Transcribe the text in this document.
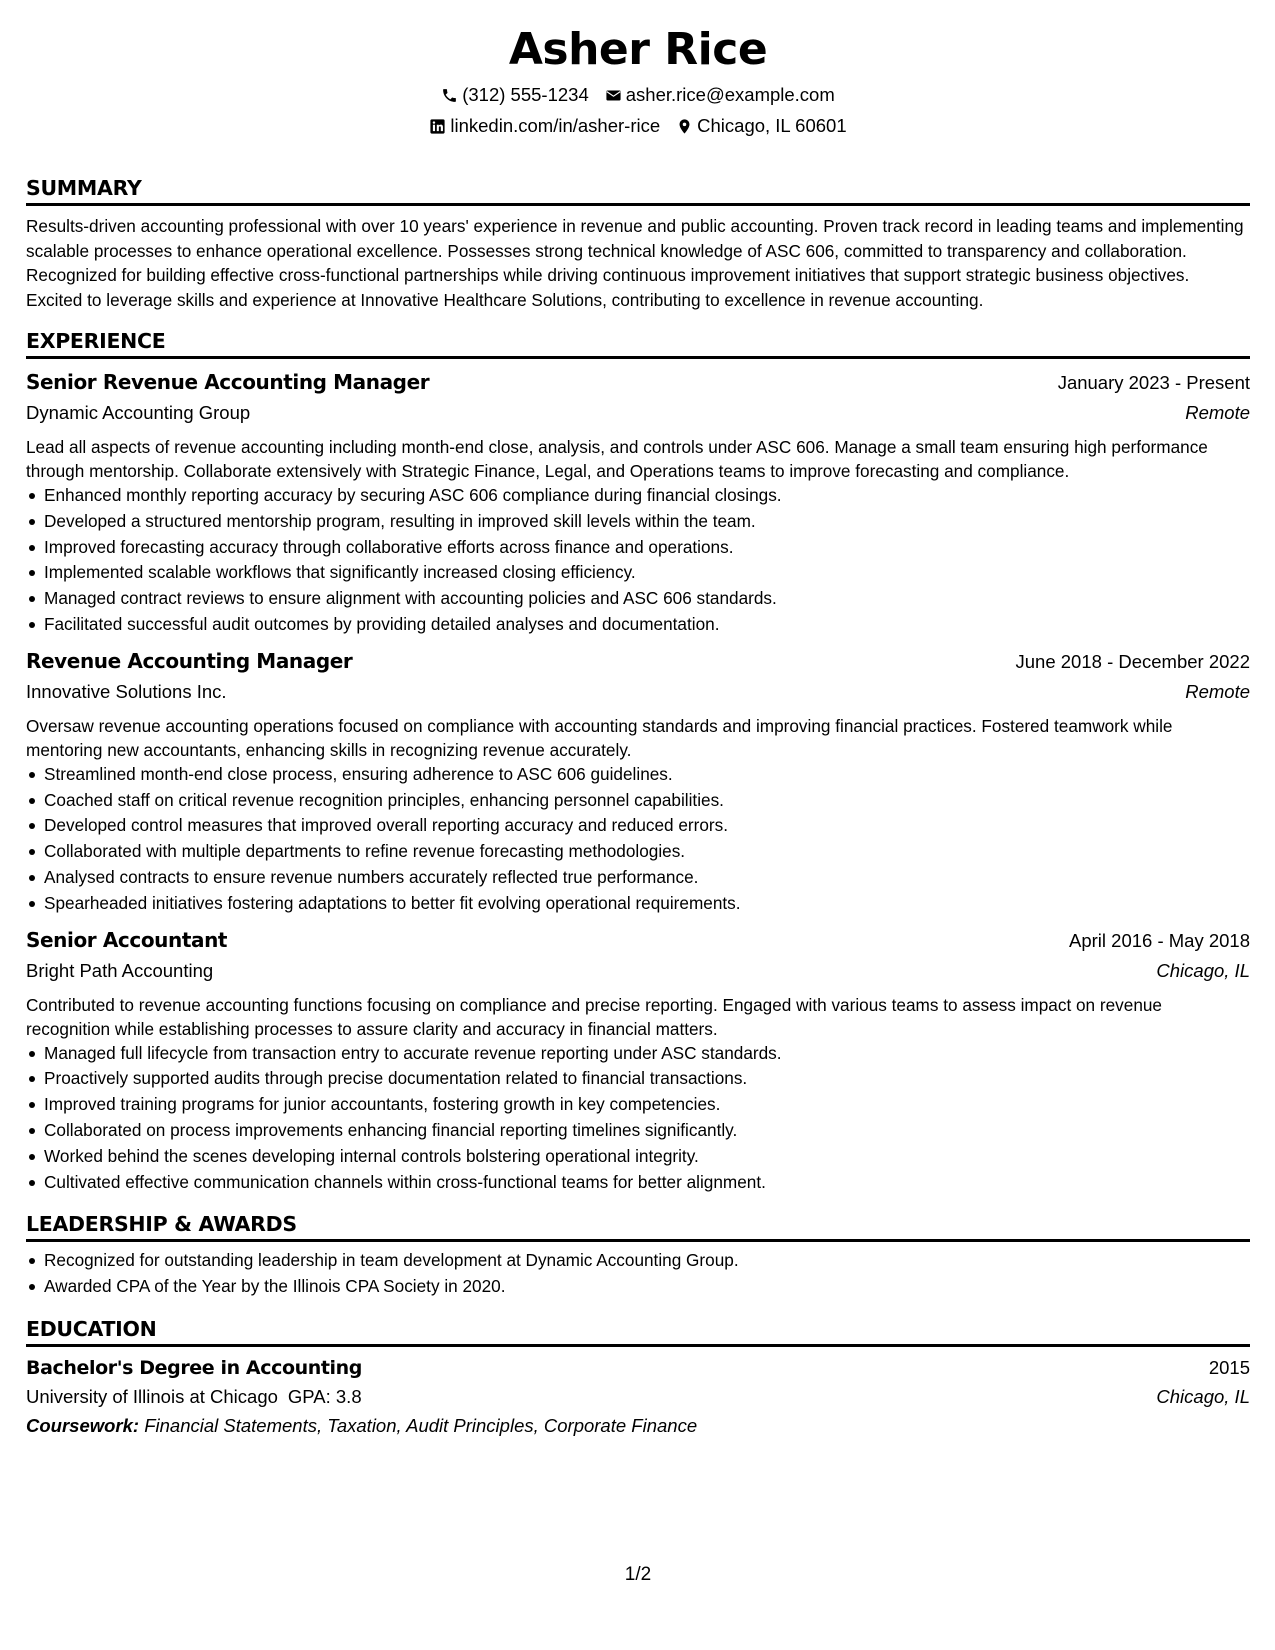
Asher Rice
(312) 555-1234 asher.rice@example.com
linkedin.com/in/asher-rice Chicago, IL 60601
SUMMARY
Results-driven accounting professional with over 10 years' experience in revenue and public accounting. Proven track record in leading teams and implementing scalable processes to enhance operational excellence. Possesses strong technical knowledge of ASC 606, committed to transparency and collaboration. Recognized for building effective cross-functional partnerships while driving continuous improvement initiatives that support strategic business objectives. Excited to leverage skills and experience at Innovative Healthcare Solutions, contributing to excellence in revenue accounting.
EXPERIENCE
Senior Revenue Accounting Manager	January 2023 - Present
Dynamic Accounting Group	Remote
Lead all aspects of revenue accounting including month-end close, analysis, and controls under ASC 606. Manage a small team ensuring high performance through mentorship. Collaborate extensively with Strategic Finance, Legal, and Operations teams to improve forecasting and compliance.
Enhanced monthly reporting accuracy by securing ASC 606 compliance during financial closings.
Developed a structured mentorship program, resulting in improved skill levels within the team.
Improved forecasting accuracy through collaborative efforts across finance and operations.
Implemented scalable workflows that significantly increased closing efficiency.
Managed contract reviews to ensure alignment with accounting policies and ASC 606 standards.
Facilitated successful audit outcomes by providing detailed analyses and documentation.
Revenue Accounting Manager	June 2018 - December 2022
Innovative Solutions Inc.	Remote
Oversaw revenue accounting operations focused on compliance with accounting standards and improving financial practices. Fostered teamwork while mentoring new accountants, enhancing skills in recognizing revenue accurately.
Streamlined month-end close process, ensuring adherence to ASC 606 guidelines.
Coached staff on critical revenue recognition principles, enhancing personnel capabilities.
Developed control measures that improved overall reporting accuracy and reduced errors.
Collaborated with multiple departments to refine revenue forecasting methodologies.
Analysed contracts to ensure revenue numbers accurately reflected true performance.
Spearheaded initiatives fostering adaptations to better fit evolving operational requirements.
Senior Accountant	April 2016 - May 2018
Bright Path Accounting	Chicago, IL
Contributed to revenue accounting functions focusing on compliance and precise reporting. Engaged with various teams to assess impact on revenue recognition while establishing processes to assure clarity and accuracy in financial matters.
Managed full lifecycle from transaction entry to accurate revenue reporting under ASC standards.
Proactively supported audits through precise documentation related to financial transactions.
Improved training programs for junior accountants, fostering growth in key competencies.
Collaborated on process improvements enhancing financial reporting timelines significantly.
Worked behind the scenes developing internal controls bolstering operational integrity.
Cultivated effective communication channels within cross-functional teams for better alignment.
LEADERSHIP & AWARDS
Recognized for outstanding leadership in team development at Dynamic Accounting Group.
Awarded CPA of the Year by the Illinois CPA Society in 2020.
EDUCATION
Bachelor's Degree in Accounting	2015
University of Illinois at Chicago GPA: 3.8	Chicago, IL
Coursework: Financial Statements, Taxation, Audit Principles, Corporate Finance
1/2
